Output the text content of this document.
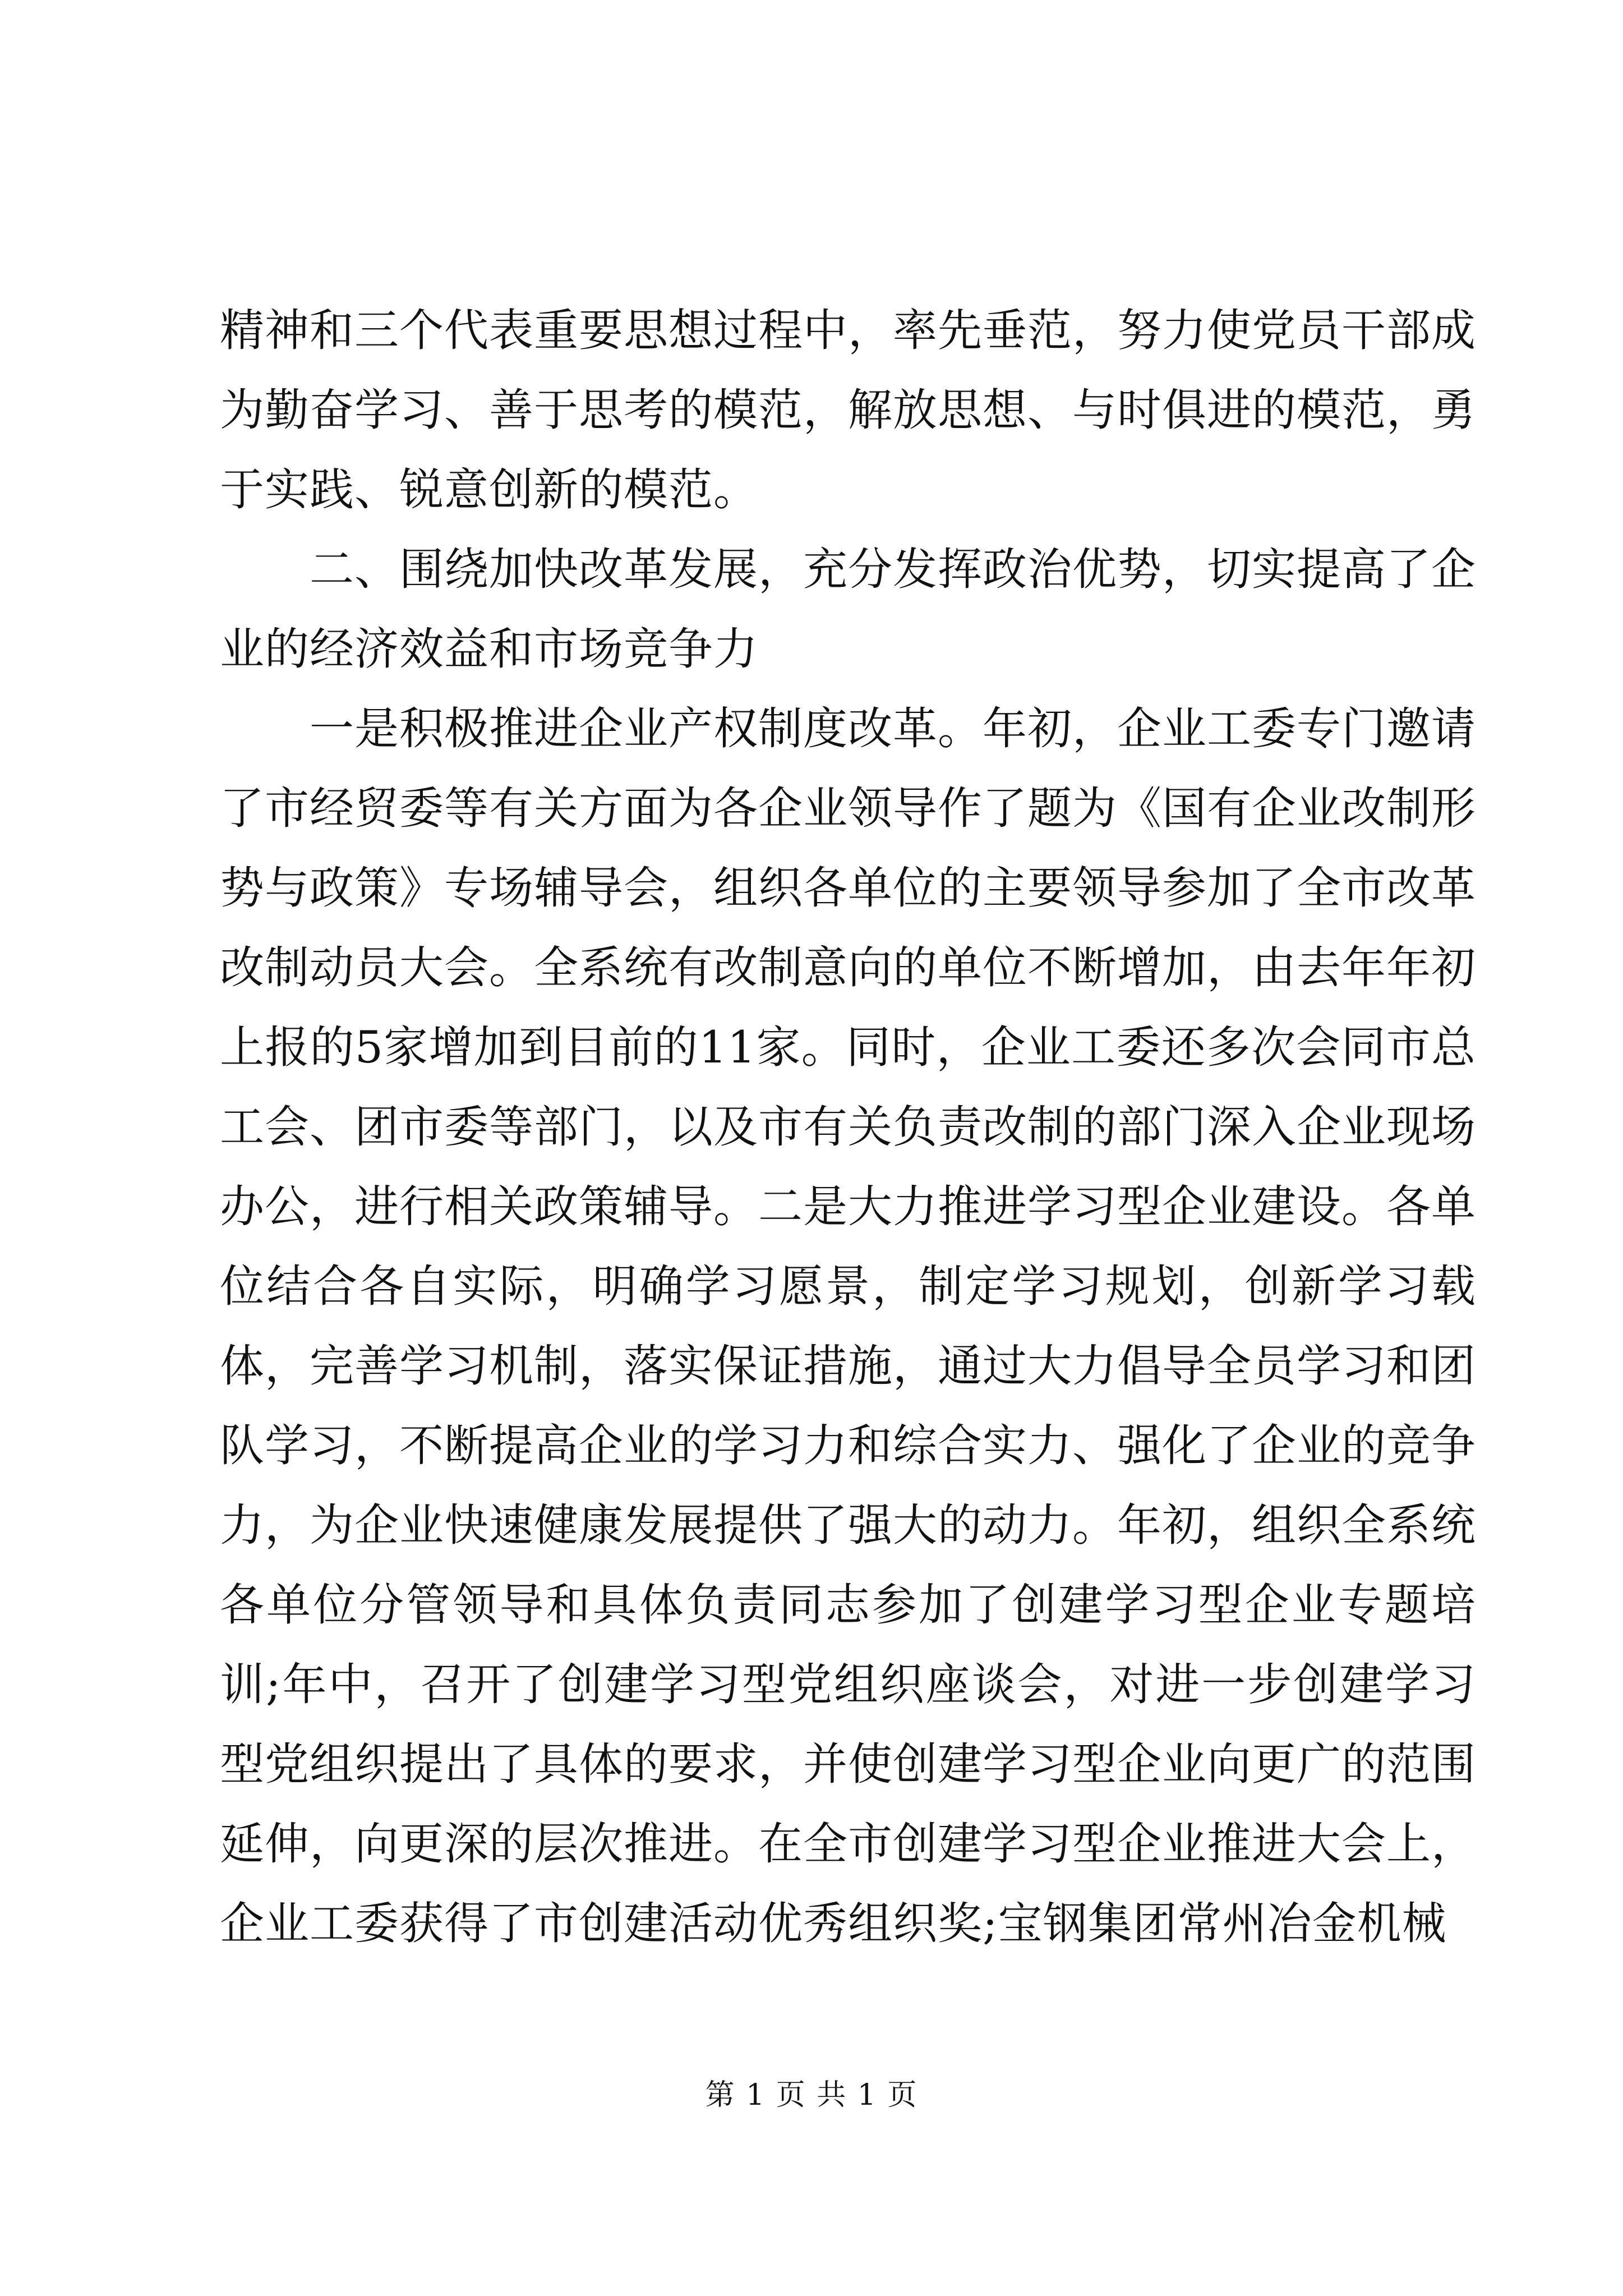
精神和三个代表重要思想过程中，率先垂范，努力使党员干部成为勤奋学习、善于思考的模范，解放思想、与时俱进的模范，勇于实践、锐意创新的模范。

二、围绕加快改革发展，充分发挥政治优势，切实提高了企业的经济效益和市场竞争力

一是积极推进企业产权制度改革。年初，企业工委专门邀请了市经贸委等有关方面为各企业领导作了题为《国有企业改制形势与政策》专场辅导会，组织各单位的主要领导参加了全市改革改制动员大会。全系统有改制意向的单位不断增加，由去年年初上报的5家增加到目前的11家。同时，企业工委还多次会同市总工会、团市委等部门，以及市有关负责改制的部门深入企业现场办公，进行相关政策辅导。二是大力推进学习型企业建设。各单位结合各自实际，明确学习愿景，制定学习规划，创新学习载体，完善学习机制，落实保证措施，通过大力倡导全员学习和团队学习，不断提高企业的学习力和综合实力、强化了企业的竞争力，为企业快速健康发展提供了强大的动力。年初，组织全系统各单位分管领导和具体负责同志参加了创建学习型企业专题培训;年中，召开了创建学习型党组织座谈会，对进一步创建学习型党组织提出了具体的要求，并使创建学习型企业向更广的范围延伸，向更深的层次推进。在全市创建学习型企业推进大会上，企业工委获得了市创建活动优秀组织奖;宝钢集团常州冶金机械

第 1 页 共 1 页
